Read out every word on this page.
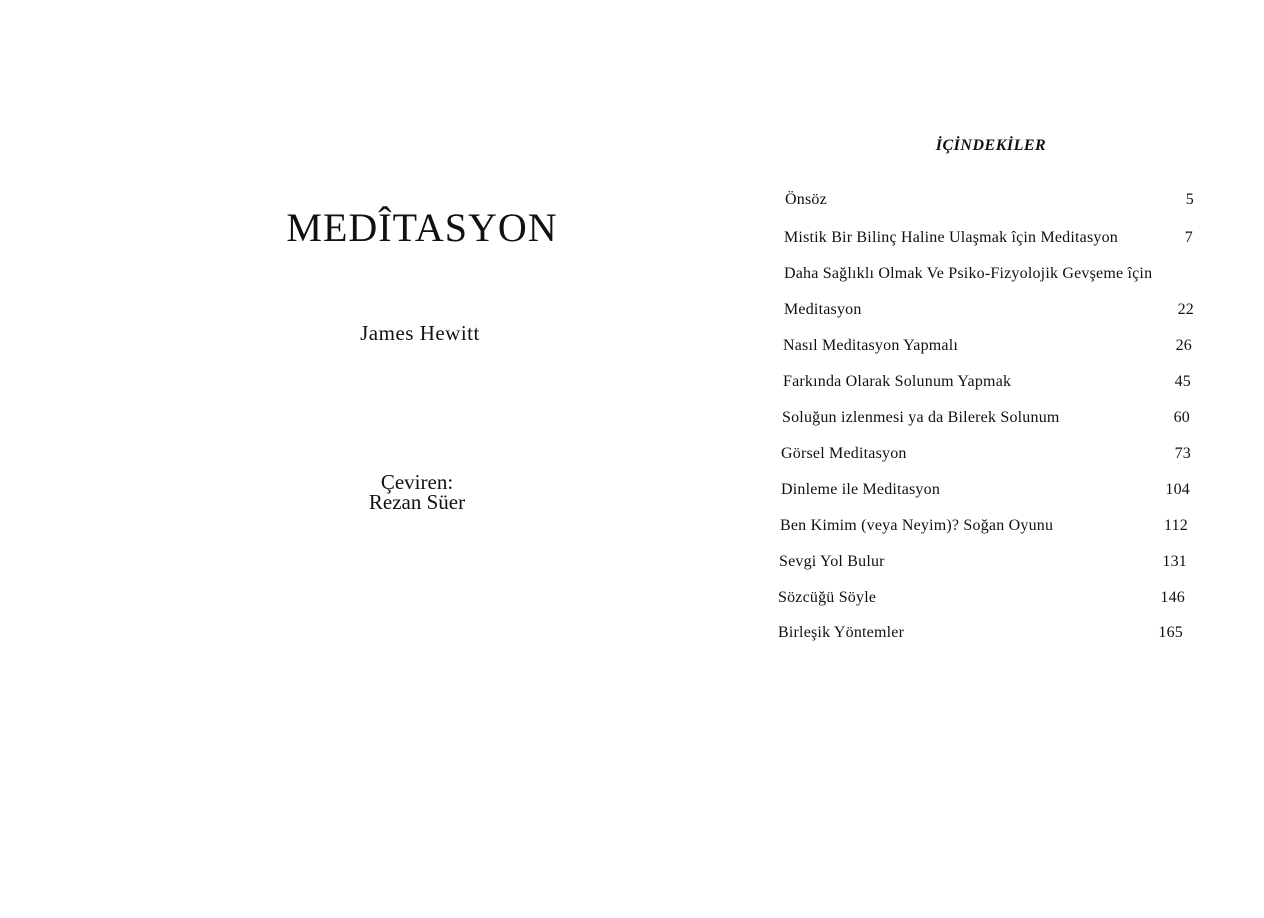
MEDÎTASYON
James Hewitt
Çeviren:
Rezan Süer
İÇİNDEKİLER
Önsöz	5
Mistik Bir Bilinç Haline Ulaşmak îçin Meditasyon	7
Daha Sağlıklı Olmak Ve Psiko-Fizyolojik Gevşeme îçin
Meditasyon	22
Nasıl Meditasyon Yapmalı	26
Farkında Olarak Solunum Yapmak	45
Soluğun izlenmesi ya da Bilerek Solunum	60
Görsel Meditasyon	73
Dinleme ile Meditasyon	104
Ben Kimim (veya Neyim)? Soğan Oyunu	112
Sevgi Yol Bulur	131
Sözcüğü Söyle	146
Birleşik Yöntemler	165
